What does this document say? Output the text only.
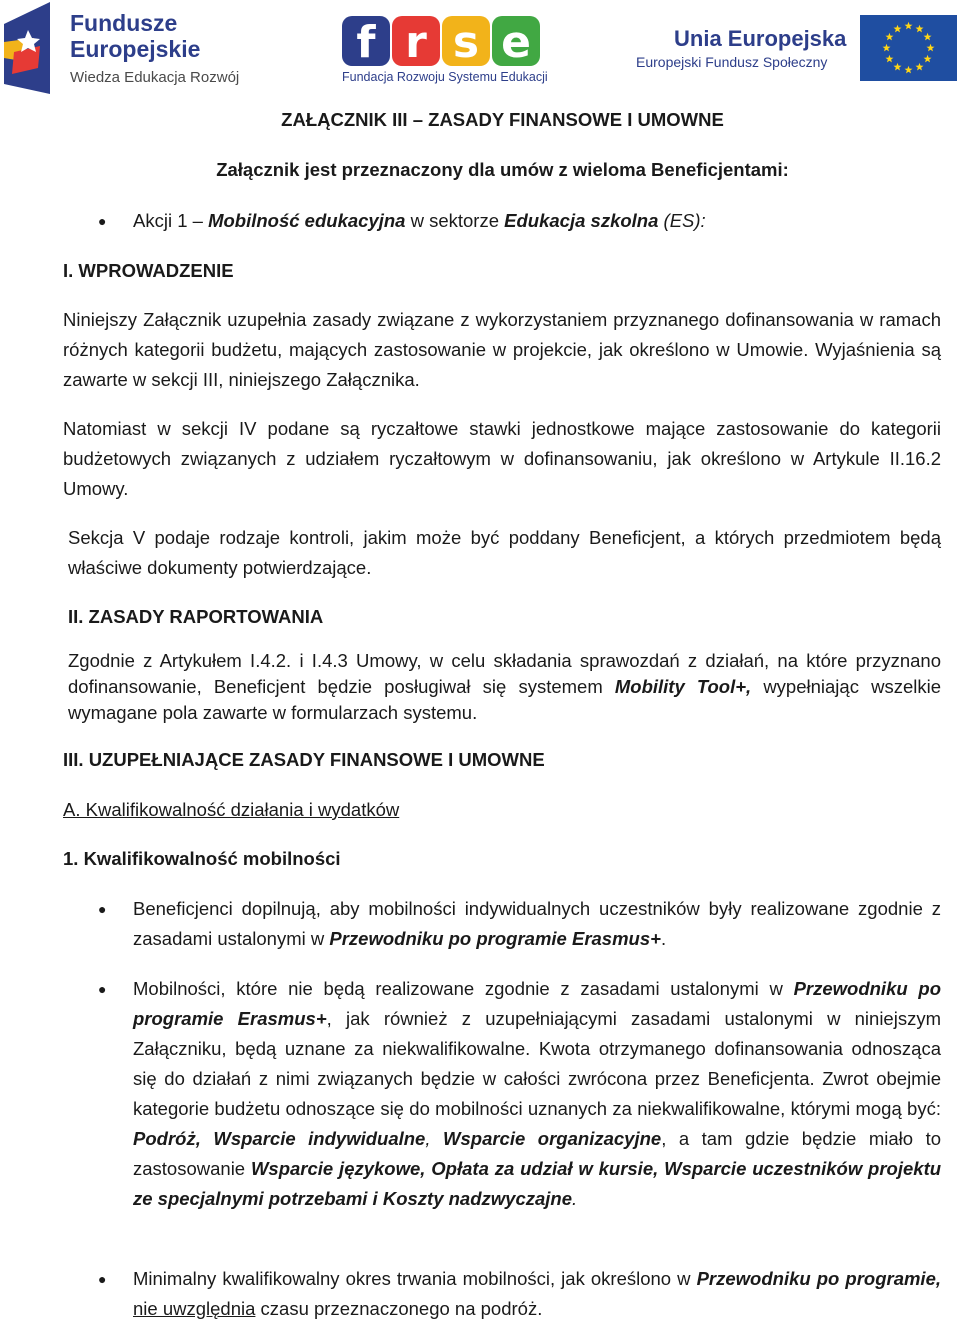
Fundusze
Europejskie
Wiedza Edukacja Rozwój
f r s e
Fundacja Rozwoju Systemu Edukacji
Unia Europejska
Europejski Fundusz Społeczny
ZAŁĄCZNIK III – ZASADY FINANSOWE I UMOWNE
Załącznik jest przeznaczony dla umów z wieloma Beneficjentami:
● Akcji 1 – Mobilność edukacyjna w sektorze Edukacja szkolna (ES):
I. WPROWADZENIE
Niniejszy Załącznik uzupełnia zasady związane z wykorzystaniem przyznanego dofinansowania w ramach różnych kategorii budżetu, mających zastosowanie w projekcie, jak określono w Umowie. Wyjaśnienia są zawarte w sekcji III, niniejszego Załącznika.
Natomiast w sekcji IV podane są ryczałtowe stawki jednostkowe mające zastosowanie do kategorii budżetowych związanych z udziałem ryczałtowym w dofinansowaniu, jak określono w Artykule II.16.2 Umowy.
Sekcja V podaje rodzaje kontroli, jakim może być poddany Beneficjent, a których przedmiotem będą właściwe dokumenty potwierdzające.
II. ZASADY RAPORTOWANIA
Zgodnie z Artykułem I.4.2. i I.4.3 Umowy, w celu składania sprawozdań z działań, na które przyznano dofinansowanie, Beneficjent będzie posługiwał się systemem Mobility Tool+, wypełniając wszelkie wymagane pola zawarte w formularzach systemu.
III. UZUPEŁNIAJĄCE ZASADY FINANSOWE I UMOWNE
A. Kwalifikowalność działania i wydatków
1. Kwalifikowalność mobilności
● Beneficjenci dopilnują, aby mobilności indywidualnych uczestników były realizowane zgodnie z zasadami ustalonymi w Przewodniku po programie Erasmus+.
● Mobilności, które nie będą realizowane zgodnie z zasadami ustalonymi w Przewodniku po programie Erasmus+, jak również z uzupełniającymi zasadami ustalonymi w niniejszym Załączniku, będą uznane za niekwalifikowalne. Kwota otrzymanego dofinansowania odnosząca się do działań z nimi związanych będzie w całości zwrócona przez Beneficjenta. Zwrot obejmie kategorie budżetu odnoszące się do mobilności uznanych za niekwalifikowalne, którymi mogą być: Podróż, Wsparcie indywidualne, Wsparcie organizacyjne, a tam gdzie będzie miało to zastosowanie Wsparcie językowe, Opłata za udział w kursie, Wsparcie uczestników projektu ze specjalnymi potrzebami i Koszty nadzwyczajne.
● Minimalny kwalifikowalny okres trwania mobilności, jak określono w Przewodniku po programie, nie uwzględnia czasu przeznaczonego na podróż.
